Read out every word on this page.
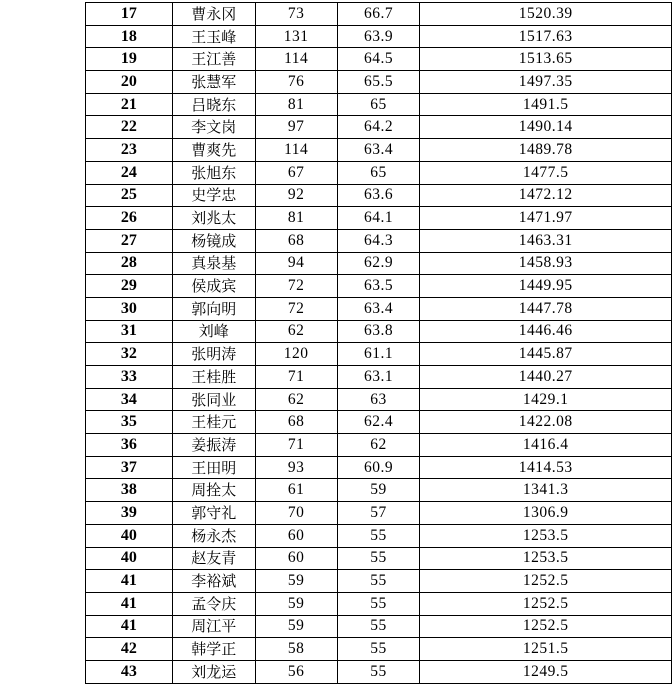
17	曹永冈	73	66.7	1520.39
18	王玉峰	131	63.9	1517.63
19	王江善	114	64.5	1513.65
20	张慧军	76	65.5	1497.35
21	吕晓东	81	65	1491.5
22	李文岗	97	64.2	1490.14
23	曹爽先	114	63.4	1489.78
24	张旭东	67	65	1477.5
25	史学忠	92	63.6	1472.12
26	刘兆太	81	64.1	1471.97
27	杨镜成	68	64.3	1463.31
28	真泉基	94	62.9	1458.93
29	侯成宾	72	63.5	1449.95
30	郭向明	72	63.4	1447.78
31	刘峰	62	63.8	1446.46
32	张明涛	120	61.1	1445.87
33	王桂胜	71	63.1	1440.27
34	张同业	62	63	1429.1
35	王桂元	68	62.4	1422.08
36	姜振涛	71	62	1416.4
37	王田明	93	60.9	1414.53
38	周拴太	61	59	1341.3
39	郭守礼	70	57	1306.9
40	杨永杰	60	55	1253.5
40	赵友青	60	55	1253.5
41	李裕斌	59	55	1252.5
41	孟令庆	59	55	1252.5
41	周江平	59	55	1252.5
42	韩学正	58	55	1251.5
43	刘龙运	56	55	1249.5
